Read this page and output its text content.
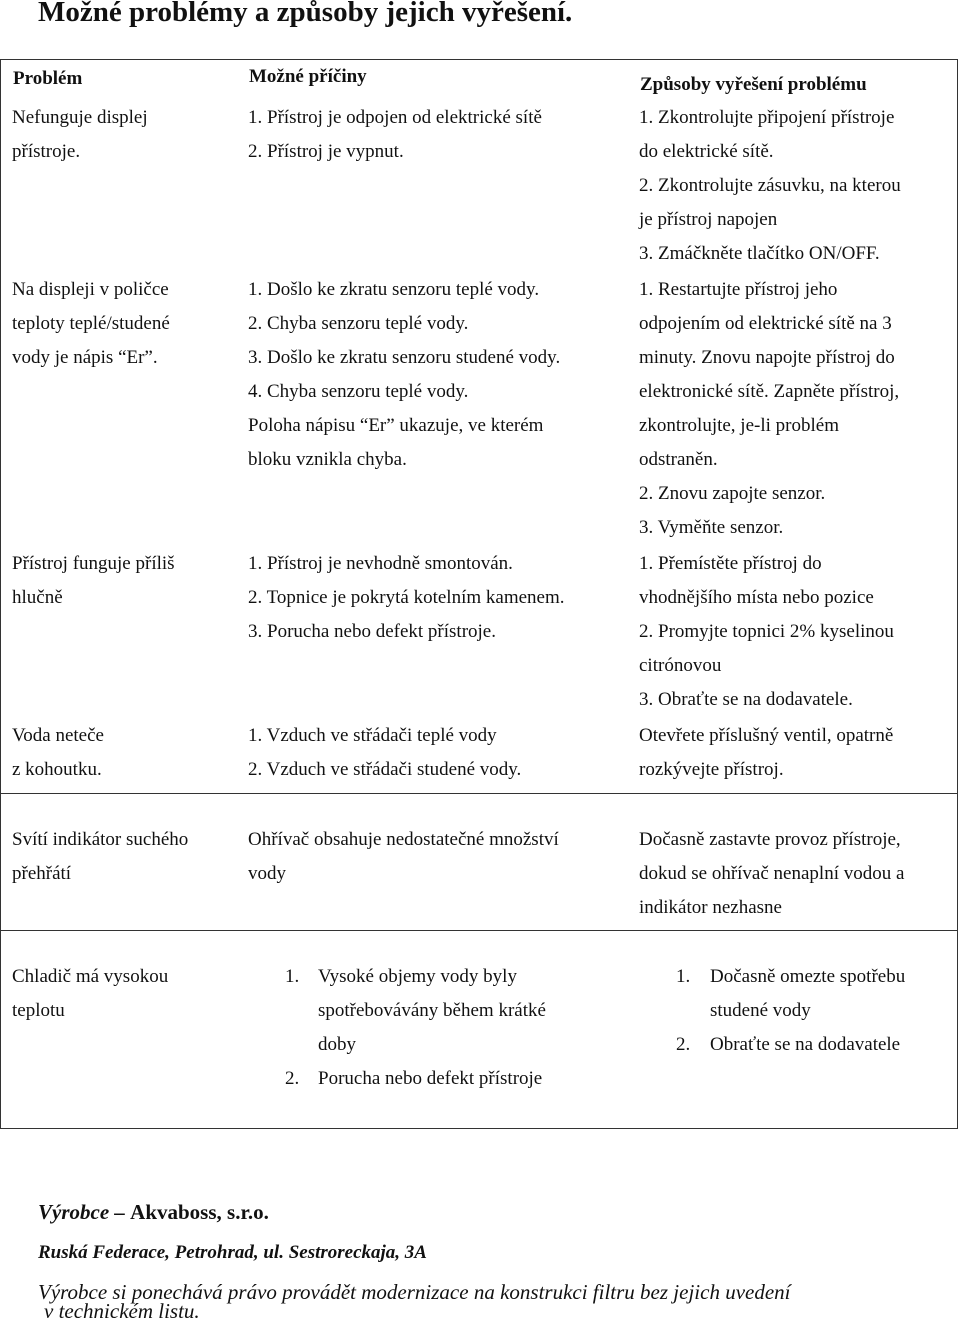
Možné problémy a způsoby jejich vyřešení.
Problém	Možné příčiny	Způsoby vyřešení problému
Nefunguje displej
přístroje.
1. Přístroj je odpojen od elektrické sítě
2. Přístroj je vypnut.
1. Zkontrolujte připojení přístroje
do elektrické sítě.
2. Zkontrolujte zásuvku, na kterou
je přístroj napojen
3. Zmáčkněte tlačítko ON/OFF.
Na displeji v poličce
teploty teplé/studené
vody je nápis “Er”.
1. Došlo ke zkratu senzoru teplé vody.
2. Chyba senzoru teplé vody.
3. Došlo ke zkratu senzoru studené vody.
4. Chyba senzoru teplé vody.
Poloha nápisu “Er” ukazuje, ve kterém
bloku vznikla chyba.
1. Restartujte přístroj jeho
odpojením od elektrické sítě na 3
minuty. Znovu napojte přístroj do
elektronické sítě. Zapněte přístroj,
zkontrolujte, je-li problém
odstraněn.
2. Znovu zapojte senzor.
3. Vyměňte senzor.
Přístroj funguje příliš
hlučně
1. Přístroj je nevhodně smontován.
2. Topnice je pokrytá kotelním kamenem.
3. Porucha nebo defekt přístroje.
1. Přemístěte přístroj do
vhodnějšího místa nebo pozice
2. Promyjte topnici 2% kyselinou
citrónovou
3. Obraťte se na dodavatele.
Voda neteče
z kohoutku.
1. Vzduch ve střádači teplé vody
2. Vzduch ve střádači studené vody.
Otevřete příslušný ventil, opatrně
rozkývejte přístroj.
Svítí indikátor suchého
přehřátí
Ohřívač obsahuje nedostatečné množství
vody
Dočasně zastavte provoz přístroje,
dokud se ohřívač nenaplní vodou a
indikátor nezhasne
Chladič má vysokou
teplotu
1. Vysoké objemy vody byly
spotřebovávány během krátké
doby
2. Porucha nebo defekt přístroje
1. Dočasně omezte spotřebu
studené vody
2. Obraťte se na dodavatele
Výrobce – Akvaboss, s.r.o.
Ruská Federace, Petrohrad, ul. Sestroreckaja, 3A
Výrobce si ponechává právo provádět modernizace na konstrukci filtru bez jejich uvedení
v technickém listu.
